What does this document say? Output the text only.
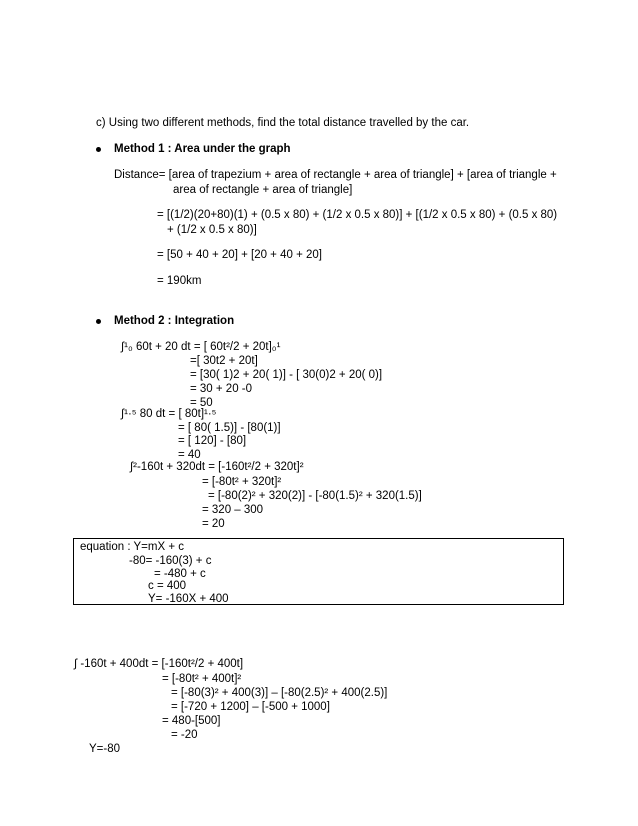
c) Using two different methods, find the total distance travelled by the car.
Method 1 : Area under the graph
Distance= [area of trapezium + area of rectangle + area of triangle] + [area of triangle +
area of rectangle + area of triangle]
= [(1/2)(20+80)(1) + (0.5 x 80) + (1/2 x 0.5 x 80)] + [(1/2 x 0.5 x 80) + (0.5 x 80)
+ (1/2 x 0.5 x 80)]
= [50 + 40 + 20] + [20 + 40 + 20]
= 190km
Method 2 : Integration
∫¹₀ 60t + 20 dt = [ 60t²/2 + 20t]₀¹
=[ 30t2 + 20t]
= [30( 1)2 + 20( 1)] - [ 30(0)2 + 20( 0)]
= 30 + 20 -0
= 50
∫¹·⁵ 80 dt = [ 80t]¹·⁵
= [ 80( 1.5)] - [80(1)]
= [ 120] - [80]
= 40
∫²-160t + 320dt = [-160t²/2 + 320t]²
= [-80t² + 320t]²
= [-80(2)² + 320(2)] - [-80(1.5)² + 320(1.5)]
= 320 – 300
= 20
equation : Y=mX + c
-80= -160(3) + c
= -480 + c
c = 400
Y= -160X + 400
∫ -160t + 400dt = [-160t²/2 + 400t]
= [-80t² + 400t]²
= [-80(3)² + 400(3)] – [-80(2.5)² + 400(2.5)]
= [-720 + 1200] – [-500 + 1000]
= 480-[500]
= -20
Y=-80
